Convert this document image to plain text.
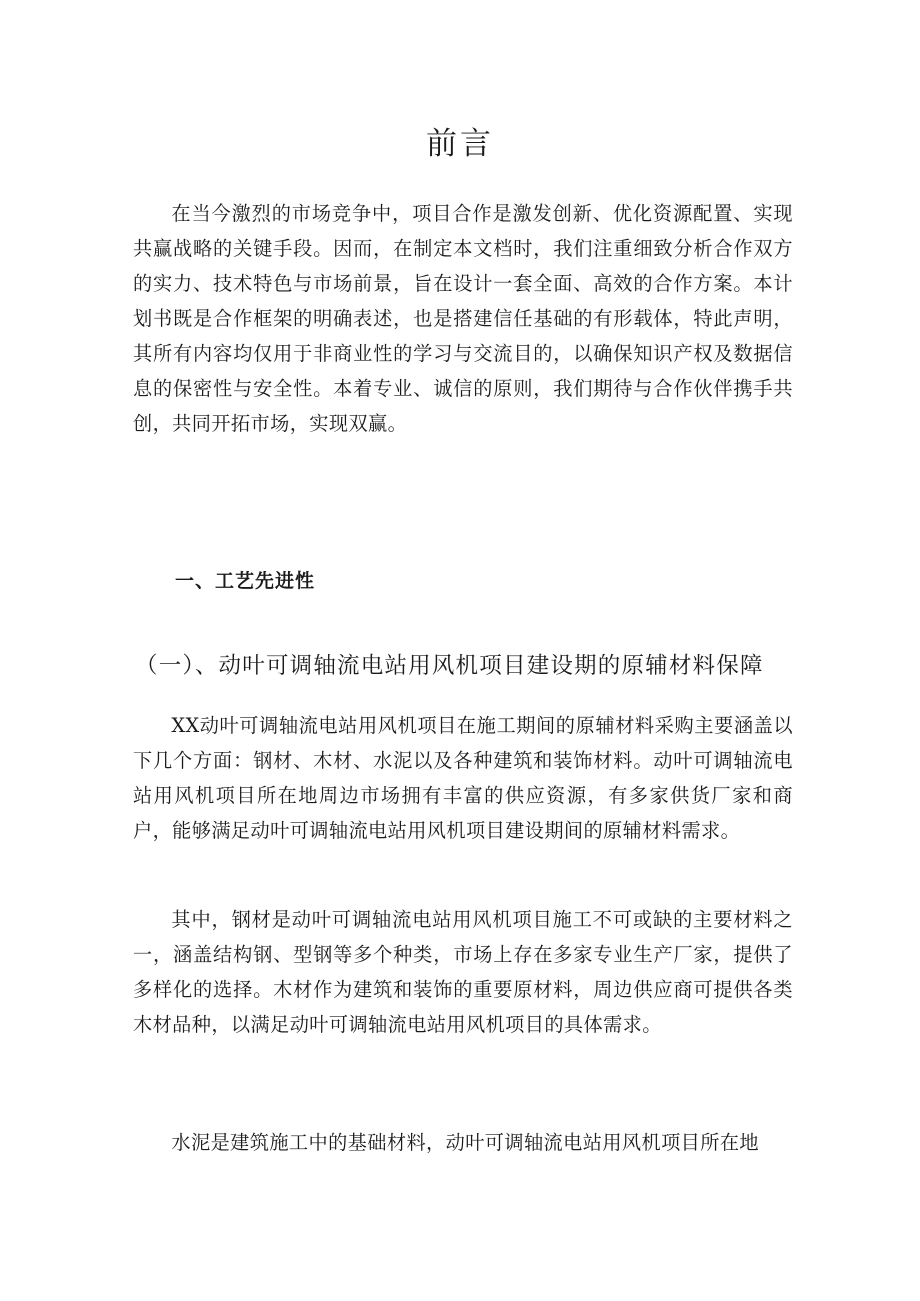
前言

在当今激烈的市场竞争中，项目合作是激发创新、优化资源配置、实现共赢战略的关键手段。因而，在制定本文档时，我们注重细致分析合作双方的实力、技术特色与市场前景，旨在设计一套全面、高效的合作方案。本计划书既是合作框架的明确表述，也是搭建信任基础的有形载体，特此声明，其所有内容均仅用于非商业性的学习与交流目的，以确保知识产权及数据信息的保密性与安全性。本着专业、诚信的原则，我们期待与合作伙伴携手共创，共同开拓市场，实现双赢。

一、工艺先进性
（一）、动叶可调轴流电站用风机项目建设期的原辅材料保障

XX动叶可调轴流电站用风机项目在施工期间的原辅材料采购主要涵盖以下几个方面：钢材、木材、水泥以及各种建筑和装饰材料。动叶可调轴流电站用风机项目所在地周边市场拥有丰富的供应资源，有多家供货厂家和商户，能够满足动叶可调轴流电站用风机项目建设期间的原辅材料需求。

其中，钢材是动叶可调轴流电站用风机项目施工不可或缺的主要材料之一，涵盖结构钢、型钢等多个种类，市场上存在多家专业生产厂家，提供了多样化的选择。木材作为建筑和装饰的重要原材料，周边供应商可提供各类木材品种，以满足动叶可调轴流电站用风机项目的具体需求。

水泥是建筑施工中的基础材料，动叶可调轴流电站用风机项目所在地
